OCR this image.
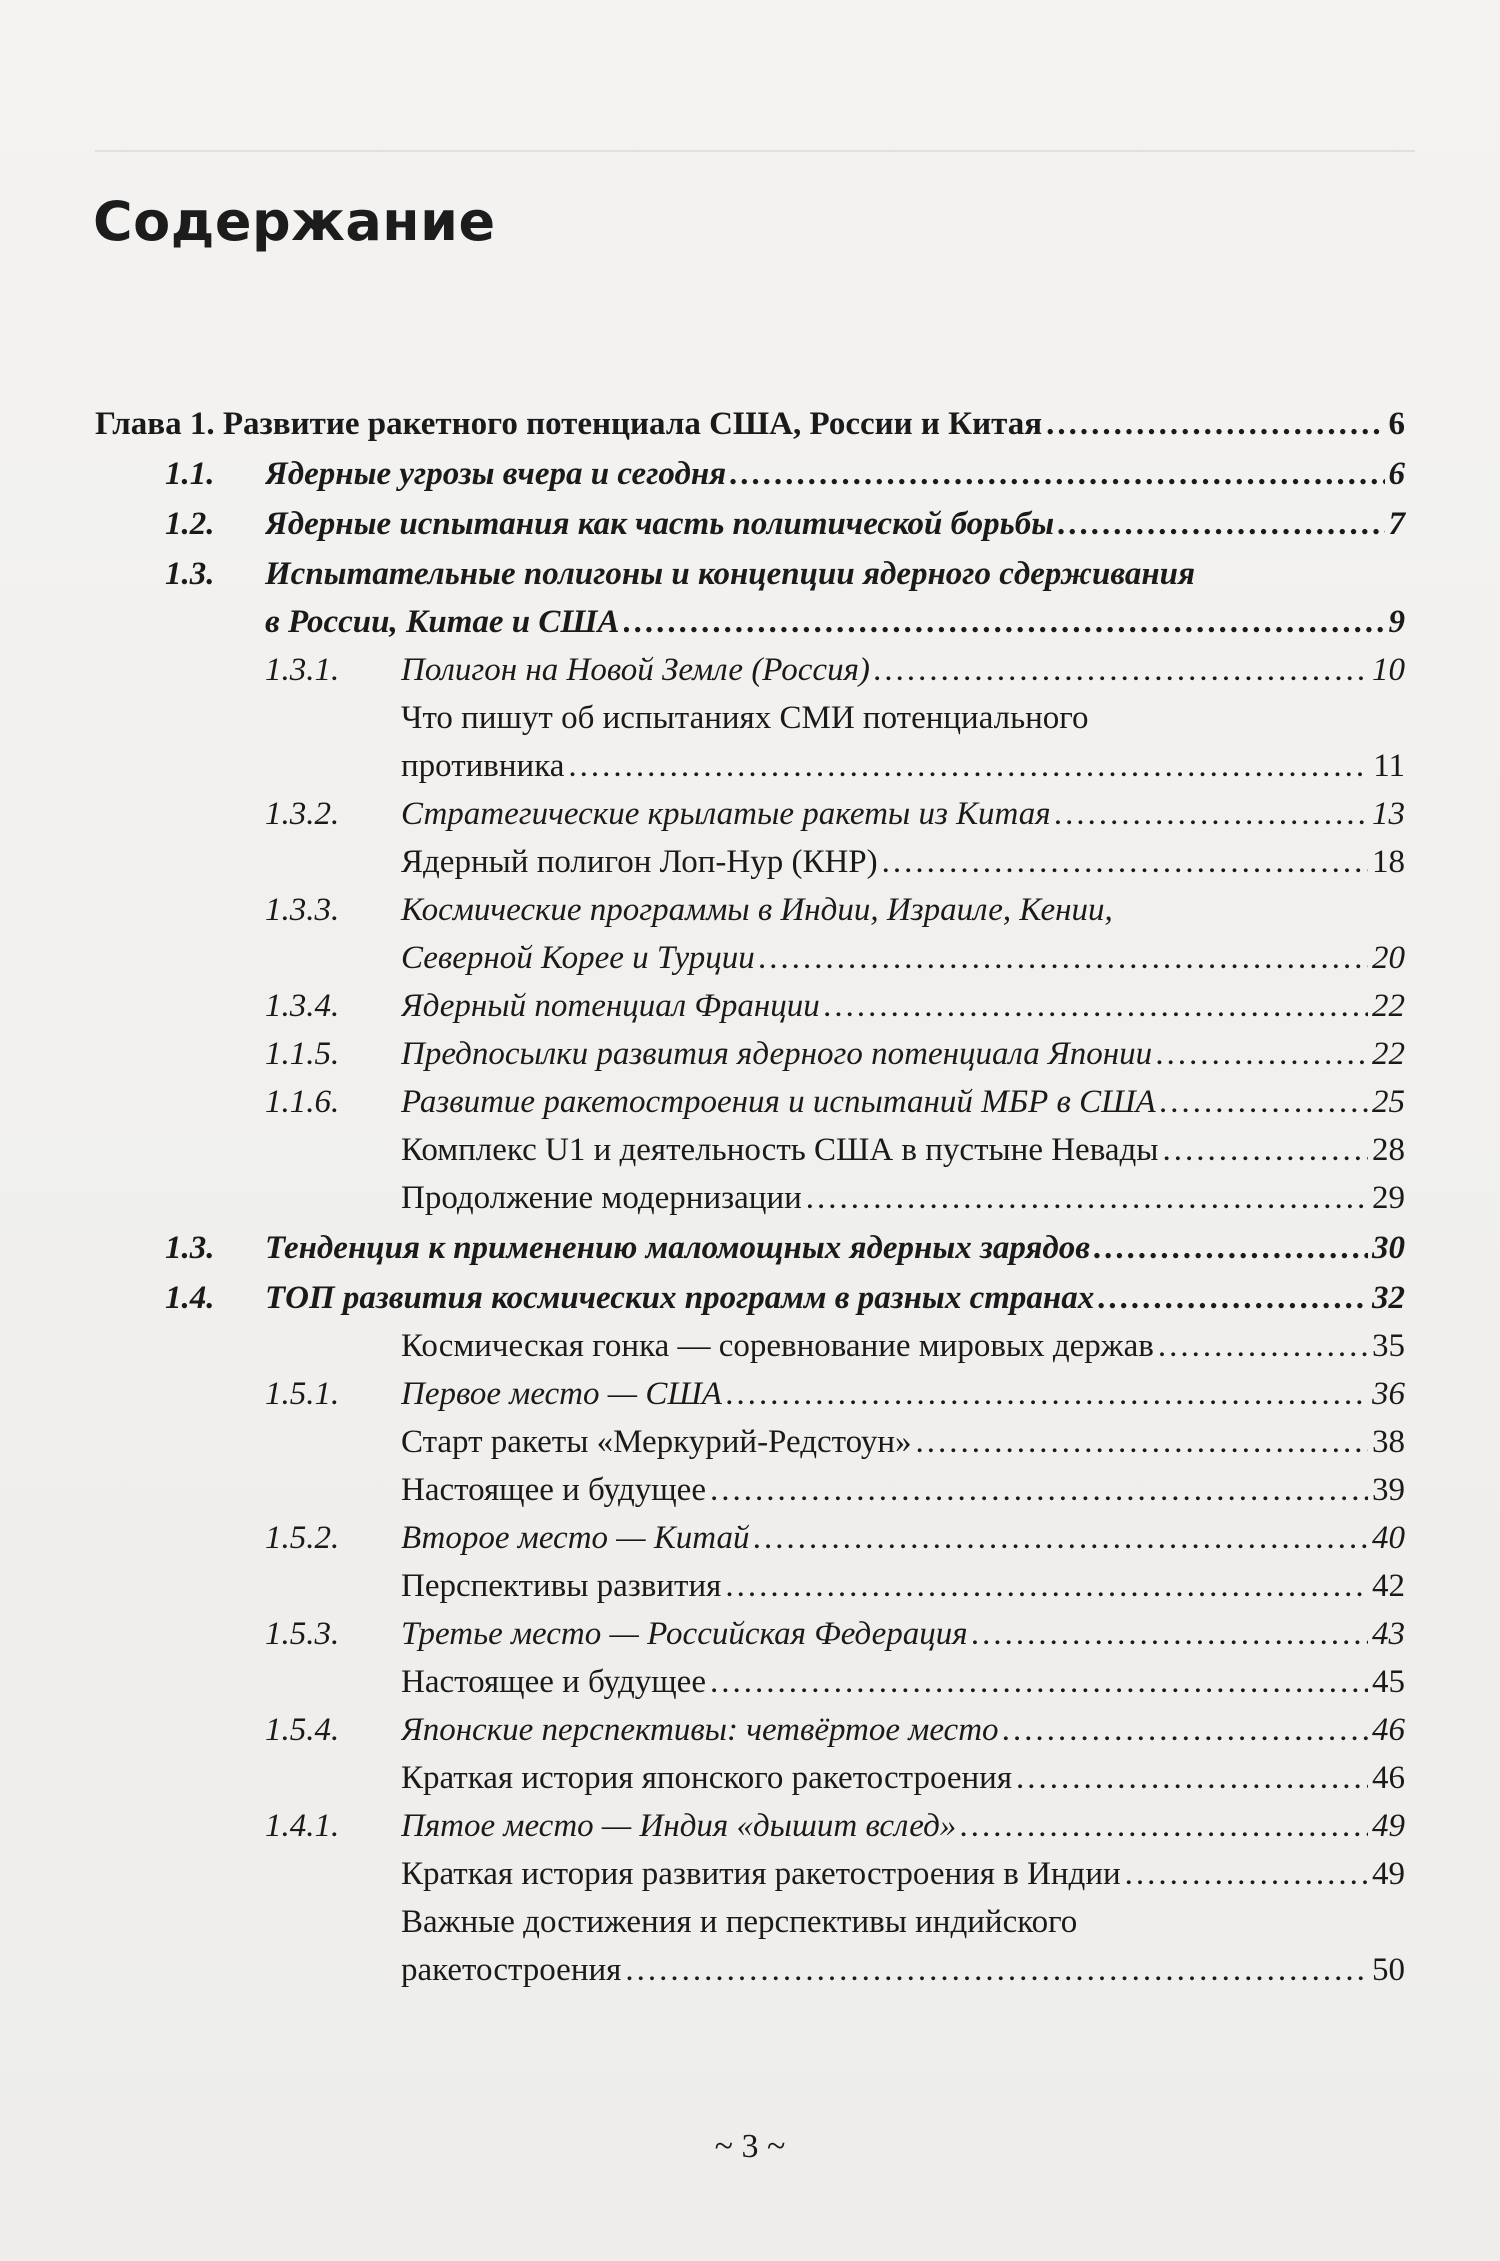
Содержание
Глава 1. Развитие ракетного потенциала США, России и Китая .....	6
1.1.	Ядерные угрозы вчера и сегодня .....	6
1.2.	Ядерные испытания как часть политической борьбы .....	7
1.3.	Испытательные полигоны и концепции ядерного сдерживания
в России, Китае и США .....	9
1.3.1.	Полигон на Новой Земле (Россия) .....	10
Что пишут об испытаниях СМИ потенциального
противника .....	11
1.3.2.	Стратегические крылатые ракеты из Китая .....	13
Ядерный полигон Лоп-Нур (КНР) .....	18
1.3.3.	Космические программы в Индии, Израиле, Кении,
Северной Корее и Турции .....	20
1.3.4.	Ядерный потенциал Франции .....	22
1.1.5.	Предпосылки развития ядерного потенциала Японии .....	22
1.1.6.	Развитие ракетостроения и испытаний МБР в США .....	25
Комплекс U1 и деятельность США в пустыне Невады .....	28
Продолжение модернизации .....	29
1.3.	Тенденция к применению маломощных ядерных зарядов .....	30
1.4.	ТОП развития космических программ в разных странах .....	32
Космическая гонка — соревнование мировых держав .....	35
1.5.1.	Первое место — США .....	36
Старт ракеты «Меркурий-Редстоун» .....	38
Настоящее и будущее .....	39
1.5.2.	Второе место — Китай .....	40
Перспективы развития .....	42
1.5.3.	Третье место — Российская Федерация .....	43
Настоящее и будущее .....	45
1.5.4.	Японские перспективы: четвёртое место .....	46
Краткая история японского ракетостроения .....	46
1.4.1.	Пятое место — Индия «дышит вслед» .....	49
Краткая история развития ракетостроения в Индии .....	49
Важные достижения и перспективы индийского
ракетостроения .....	50
~ 3 ~
